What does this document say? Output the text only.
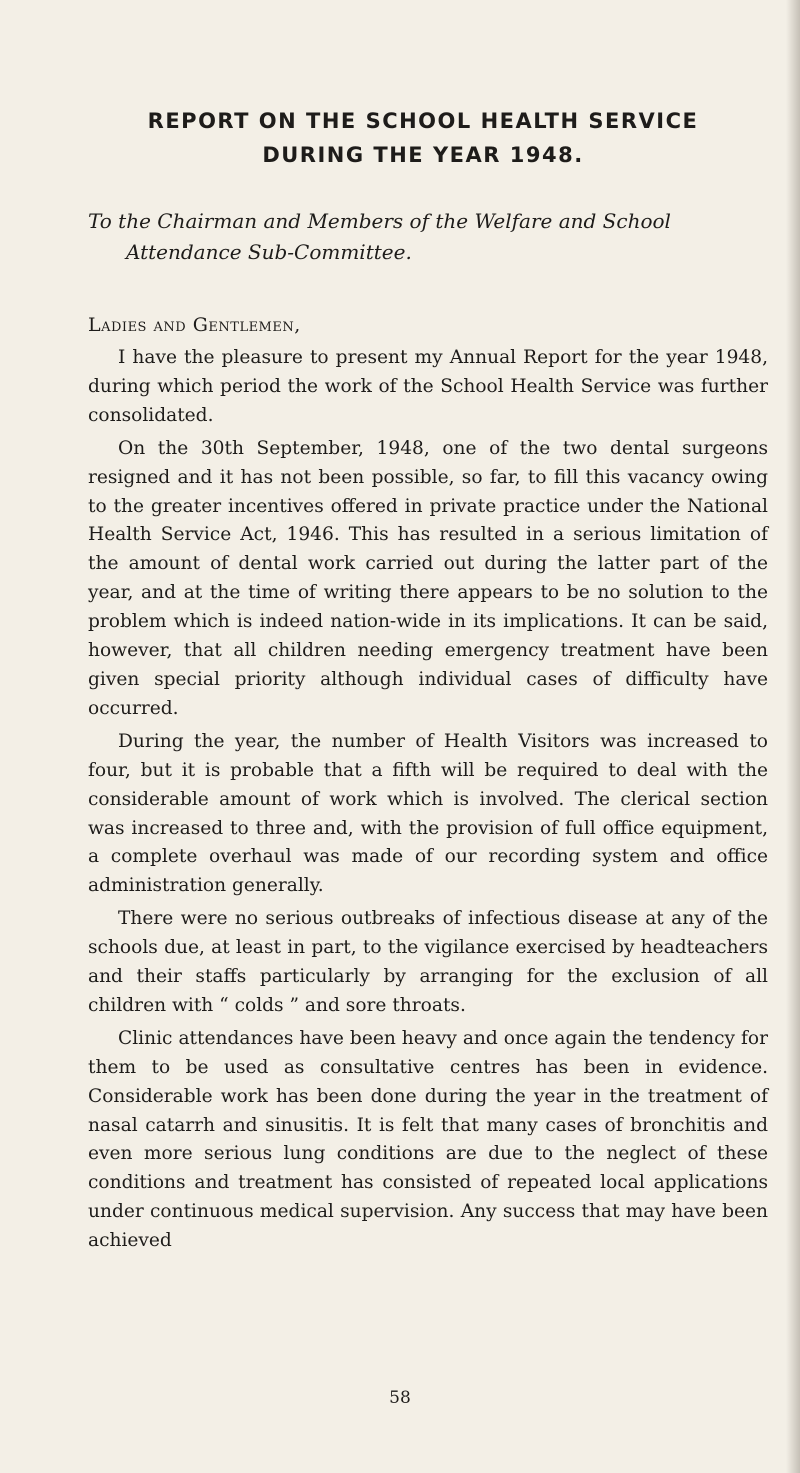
REPORT ON THE SCHOOL HEALTH SERVICE
DURING THE YEAR 1948.

To the Chairman and Members of the Welfare and School Attendance Sub-Committee.

Ladies and Gentlemen,

I have the pleasure to present my Annual Report for the year 1948, during which period the work of the School Health Service was further consolidated.

On the 30th September, 1948, one of the two dental surgeons resigned and it has not been possible, so far, to fill this vacancy owing to the greater incentives offered in private practice under the National Health Service Act, 1946. This has resulted in a serious limitation of the amount of dental work carried out during the latter part of the year, and at the time of writing there appears to be no solution to the problem which is indeed nation-wide in its implications. It can be said, however, that all children needing emergency treatment have been given special priority although individual cases of difficulty have occurred.

During the year, the number of Health Visitors was increased to four, but it is probable that a fifth will be required to deal with the considerable amount of work which is involved. The clerical section was increased to three and, with the provision of full office equipment, a complete overhaul was made of our recording system and office administration generally.

There were no serious outbreaks of infectious disease at any of the schools due, at least in part, to the vigilance exercised by headteachers and their staffs particularly by arranging for the exclusion of all children with “ colds ” and sore throats.

Clinic attendances have been heavy and once again the tendency for them to be used as consultative centres has been in evidence. Considerable work has been done during the year in the treatment of nasal catarrh and sinusitis. It is felt that many cases of bronchitis and even more serious lung conditions are due to the neglect of these conditions and treatment has consisted of repeated local applications under continuous medical supervision. Any success that may have been achieved

58
